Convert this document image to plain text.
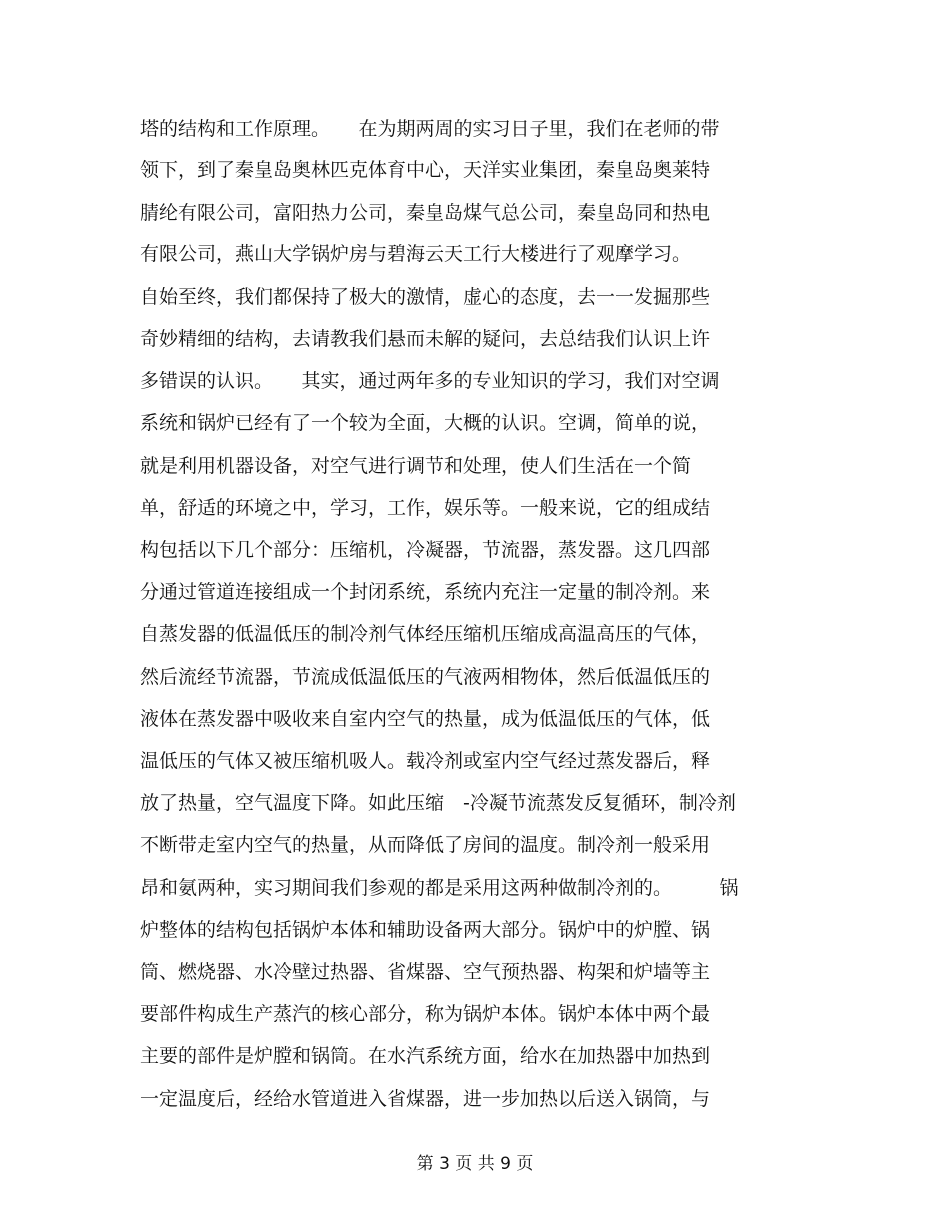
塔的结构和工作原理。　　在为期两周的实习日子里，我们在老师的带
领下，到了秦皇岛奥林匹克体育中心，天洋实业集团，秦皇岛奥莱特
腈纶有限公司，富阳热力公司，秦皇岛煤气总公司，秦皇岛同和热电
有限公司，燕山大学锅炉房与碧海云天工行大楼进行了观摩学习。
自始至终，我们都保持了极大的激情，虚心的态度，去一一发掘那些
奇妙精细的结构，去请教我们悬而未解的疑问，去总结我们认识上许
多错误的认识。　　其实，通过两年多的专业知识的学习，我们对空调
系统和锅炉已经有了一个较为全面，大概的认识。空调，简单的说，
就是利用机器设备，对空气进行调节和处理，使人们生活在一个简
单，舒适的环境之中，学习，工作，娱乐等。一般来说，它的组成结
构包括以下几个部分：压缩机，冷凝器，节流器，蒸发器。这几四部
分通过管道连接组成一个封闭系统，系统内充注一定量的制冷剂。来
自蒸发器的低温低压的制冷剂气体经压缩机压缩成高温高压的气体，
然后流经节流器，节流成低温低压的气液两相物体，然后低温低压的
液体在蒸发器中吸收来自室内空气的热量，成为低温低压的气体，低
温低压的气体又被压缩机吸人。载冷剂或室内空气经过蒸发器后，释
放了热量，空气温度下降。如此压缩　-冷凝节流蒸发反复循环，制冷剂
不断带走室内空气的热量，从而降低了房间的温度。制冷剂一般采用
昂和氨两种，实习期间我们参观的都是采用这两种做制冷剂的。　　　锅
炉整体的结构包括锅炉本体和辅助设备两大部分。锅炉中的炉膛、锅
筒、燃烧器、水冷壁过热器、省煤器、空气预热器、构架和炉墙等主
要部件构成生产蒸汽的核心部分，称为锅炉本体。锅炉本体中两个最
主要的部件是炉膛和锅筒。在水汽系统方面，给水在加热器中加热到
一定温度后，经给水管道进入省煤器，进一步加热以后送入锅筒，与
第 3 页 共 9 页
